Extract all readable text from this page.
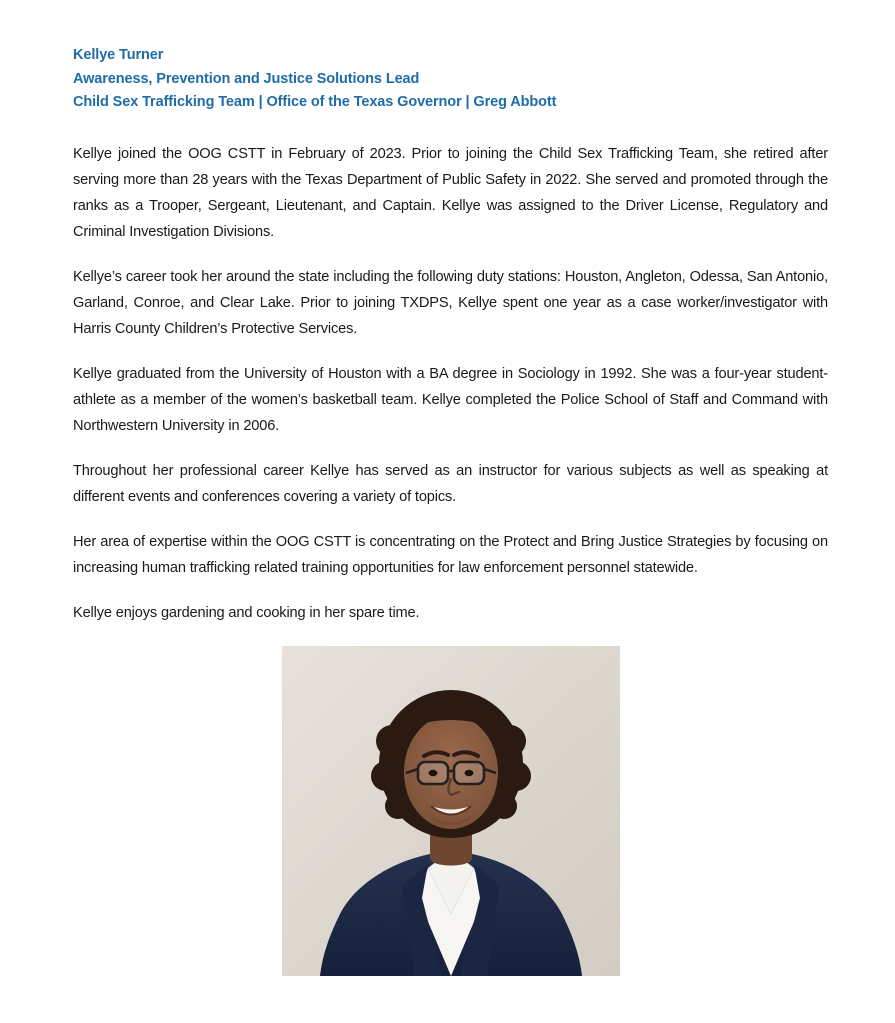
Kellye Turner
Awareness, Prevention and Justice Solutions Lead
Child Sex Trafficking Team | Office of the Texas Governor | Greg Abbott
Kellye joined the OOG CSTT in February of 2023. Prior to joining the Child Sex Trafficking Team, she retired after serving more than 28 years with the Texas Department of Public Safety in 2022. She served and promoted through the ranks as a Trooper, Sergeant, Lieutenant, and Captain. Kellye was assigned to the Driver License, Regulatory and Criminal Investigation Divisions.
Kellye’s career took her around the state including the following duty stations: Houston, Angleton, Odessa, San Antonio, Garland, Conroe, and Clear Lake. Prior to joining TXDPS, Kellye spent one year as a case worker/investigator with Harris County Children’s Protective Services.
Kellye graduated from the University of Houston with a BA degree in Sociology in 1992. She was a four-year student-athlete as a member of the women’s basketball team. Kellye completed the Police School of Staff and Command with Northwestern University in 2006.
Throughout her professional career Kellye has served as an instructor for various subjects as well as speaking at different events and conferences covering a variety of topics.
Her area of expertise within the OOG CSTT is concentrating on the Protect and Bring Justice Strategies by focusing on increasing human trafficking related training opportunities for law enforcement personnel statewide.
Kellye enjoys gardening and cooking in her spare time.
